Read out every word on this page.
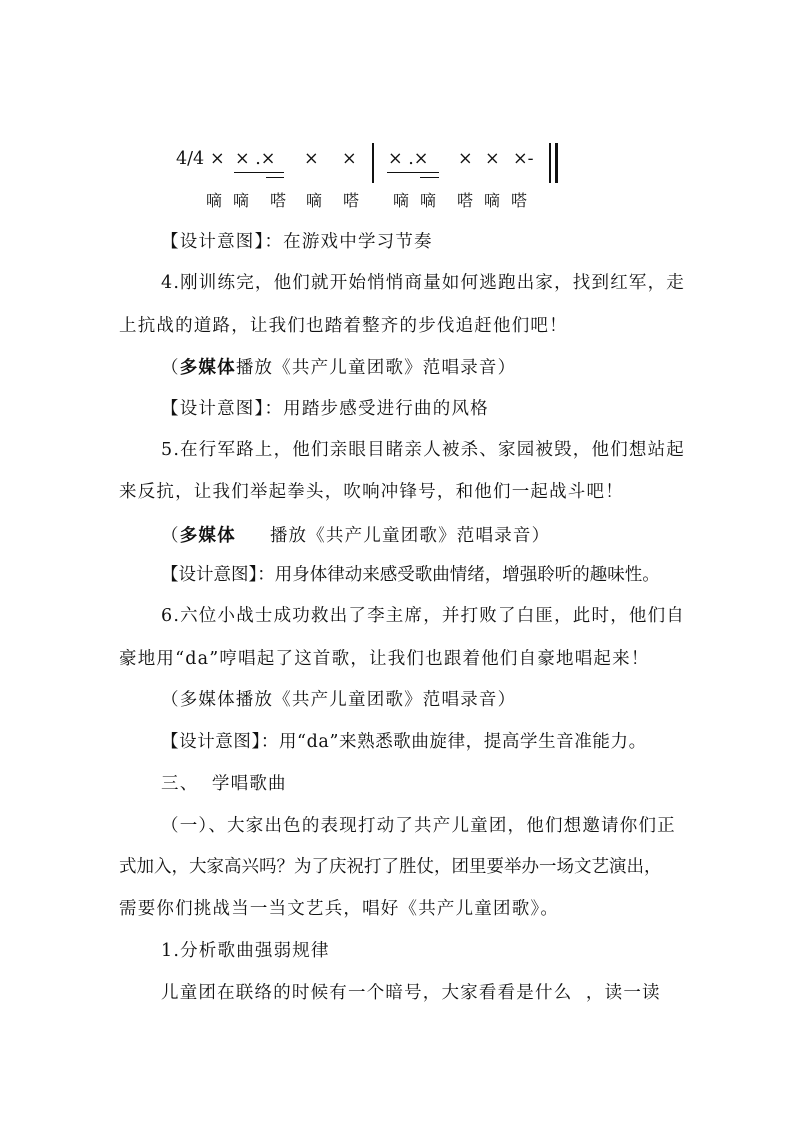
4/4 × × .× × × × .× × × ×-
嘀 嘀 嗒 嘀 嗒 嘀 嘀 嗒 嘀 嗒
【设计意图】：在游戏中学习节奏
4.刚训练完，他们就开始悄悄商量如何逃跑出家，找到红军，走
上抗战的道路，让我们也踏着整齐的步伐追赶他们吧！
（多媒体播放《共产儿童团歌》范唱录音）
【设计意图】：用踏步感受进行曲的风格
5.在行军路上，他们亲眼目睹亲人被杀、家园被毁，他们想站起
来反抗，让我们举起拳头，吹响冲锋号，和他们一起战斗吧！
（多媒体 播放《共产儿童团歌》范唱录音）
【设计意图】：用身体律动来感受歌曲情绪，增强聆听的趣味性。
6.六位小战士成功救出了李主席，并打败了白匪，此时，他们自
豪地用“da”哼唱起了这首歌，让我们也跟着他们自豪地唱起来！
（多媒体播放《共产儿童团歌》范唱录音）
【设计意图】：用“da”来熟悉歌曲旋律，提高学生音准能力。
三、  学唱歌曲
（一）、大家出色的表现打动了共产儿童团，他们想邀请你们正
式加入，大家高兴吗？为了庆祝打了胜仗，团里要举办一场文艺演出，
需要你们挑战当一当文艺兵，唱好《共产儿童团歌》。
1.分析歌曲强弱规律
儿童团在联络的时候有一个暗号，大家看看是什么  ，读一读
